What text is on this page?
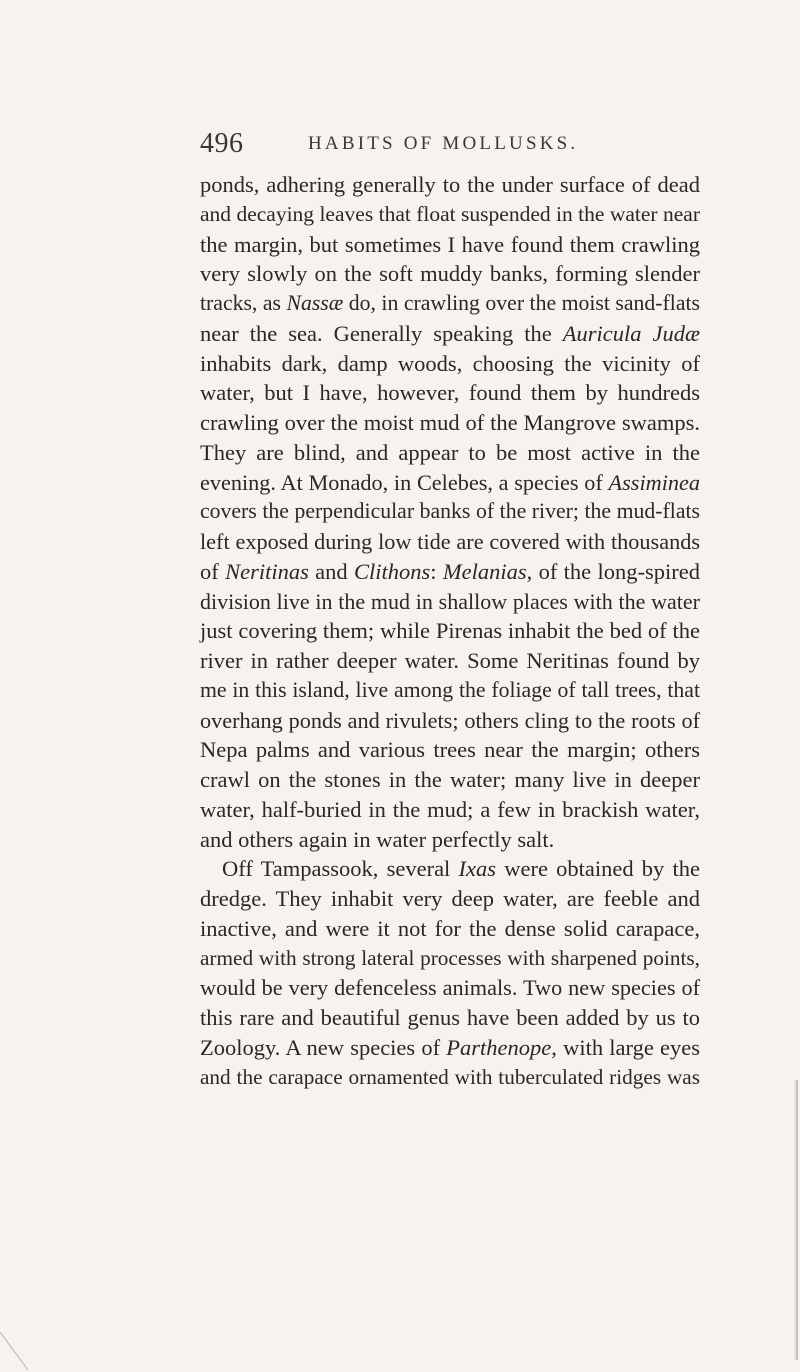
496	HABITS OF MOLLUSKS.
ponds, adhering generally to the under surface of dead
and decaying leaves that float suspended in the water near
the margin, but sometimes I have found them crawling
very slowly on the soft muddy banks, forming slender
tracks, as Nassæ do, in crawling over the moist sand-flats
near the sea. Generally speaking the Auricula Judæ
inhabits dark, damp woods, choosing the vicinity of
water, but I have, however, found them by hundreds
crawling over the moist mud of the Mangrove swamps.
They are blind, and appear to be most active in the
evening. At Monado, in Celebes, a species of Assiminea
covers the perpendicular banks of the river; the mud-flats
left exposed during low tide are covered with thousands
of Neritinas and Clithons: Melanias, of the long-spired
division live in the mud in shallow places with the water
just covering them; while Pirenas inhabit the bed of the
river in rather deeper water. Some Neritinas found by
me in this island, live among the foliage of tall trees, that
overhang ponds and rivulets; others cling to the roots of
Nepa palms and various trees near the margin; others
crawl on the stones in the water; many live in deeper
water, half-buried in the mud; a few in brackish water,
and others again in water perfectly salt.
Off Tampassook, several Ixas were obtained by the
dredge. They inhabit very deep water, are feeble and
inactive, and were it not for the dense solid carapace,
armed with strong lateral processes with sharpened points,
would be very defenceless animals. Two new species of
this rare and beautiful genus have been added by us to
Zoology. A new species of Parthenope, with large eyes
and the carapace ornamented with tuberculated ridges was
